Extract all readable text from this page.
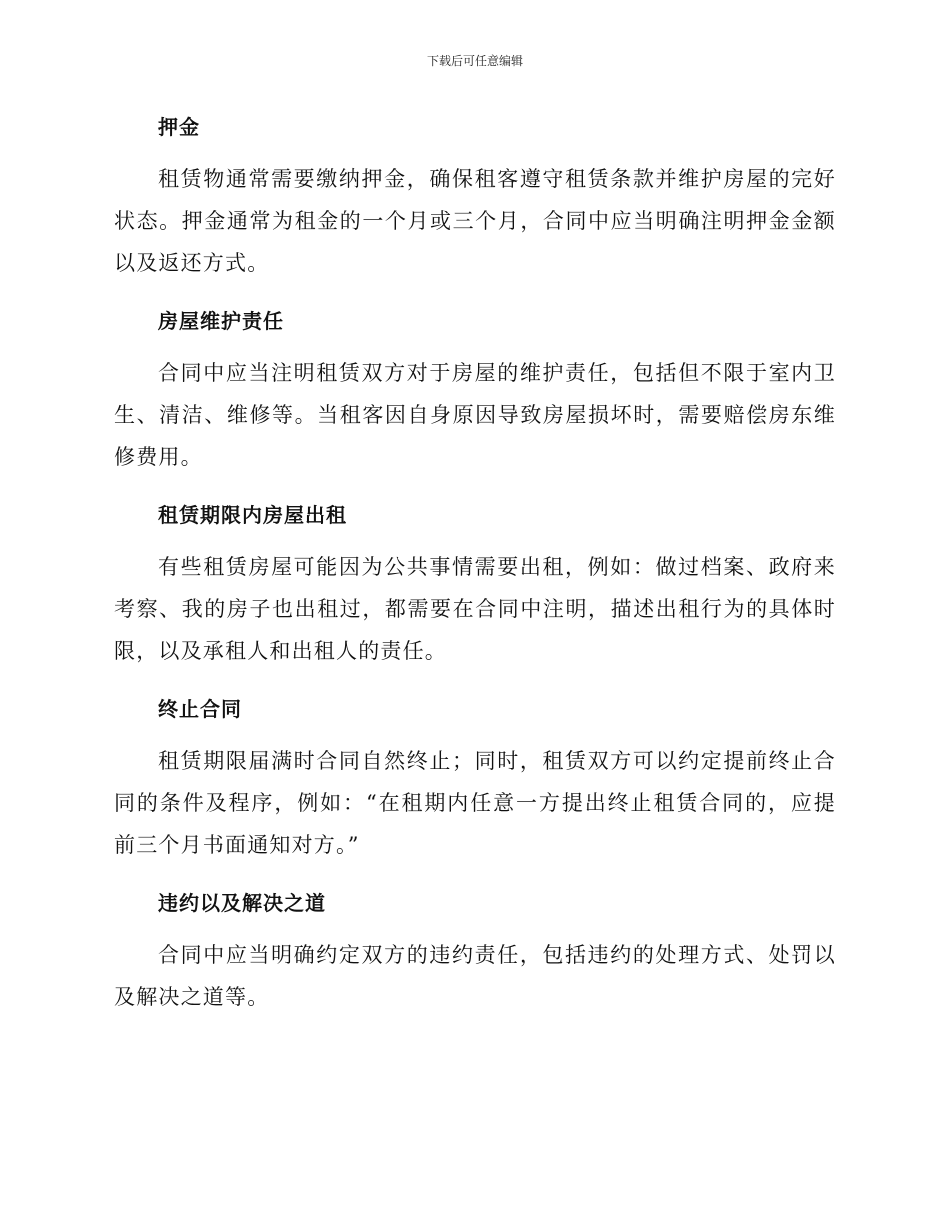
下载后可任意编辑
押金

租赁物通常需要缴纳押金，确保租客遵守租赁条款并维护房屋的完好状态。押金通常为租金的一个月或三个月，合同中应当明确注明押金金额以及返还方式。

房屋维护责任

合同中应当注明租赁双方对于房屋的维护责任，包括但不限于室内卫生、清洁、维修等。当租客因自身原因导致房屋损坏时，需要赔偿房东维修费用。

租赁期限内房屋出租

有些租赁房屋可能因为公共事情需要出租，例如：做过档案、政府来考察、我的房子也出租过，都需要在合同中注明，描述出租行为的具体时限，以及承租人和出租人的责任。

终止合同

租赁期限届满时合同自然终止；同时，租赁双方可以约定提前终止合同的条件及程序，例如：“在租期内任意一方提出终止租赁合同的，应提前三个月书面通知对方。”

违约以及解决之道

合同中应当明确约定双方的违约责任，包括违约的处理方式、处罚以及解决之道等。
